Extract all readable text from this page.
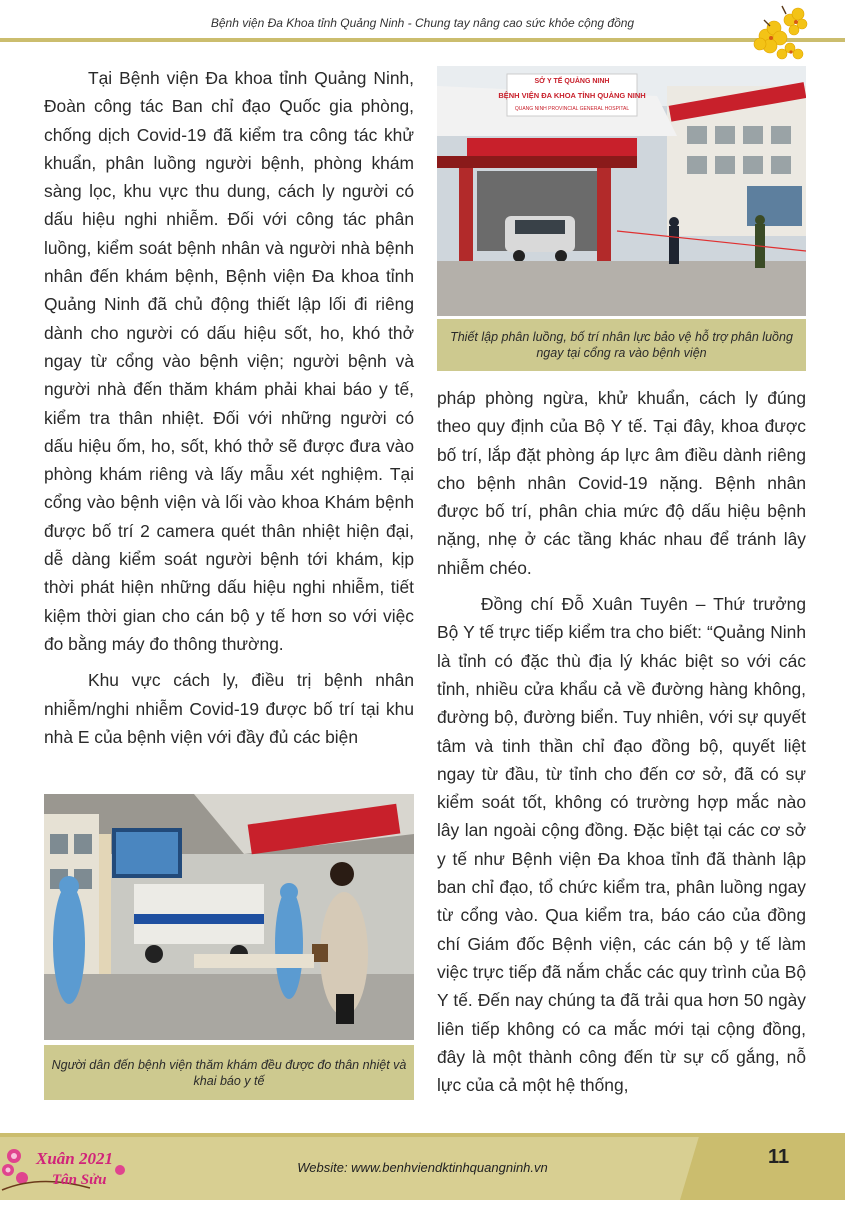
Bệnh viện Đa Khoa tỉnh Quảng Ninh - Chung tay nâng cao sức khỏe cộng đồng

Tại Bệnh viện Đa khoa tỉnh Quảng Ninh, Đoàn công tác Ban chỉ đạo Quốc gia phòng, chống dịch Covid-19 đã kiểm tra công tác khử khuẩn, phân luồng người bệnh, phòng khám sàng lọc, khu vực thu dung, cách ly người có dấu hiệu nghi nhiễm. Đối với công tác phân luồng, kiểm soát bệnh nhân và người nhà bệnh nhân đến khám bệnh, Bệnh viện Đa khoa tỉnh Quảng Ninh đã chủ động thiết lập lối đi riêng dành cho người có dấu hiệu sốt, ho, khó thở ngay từ cổng vào bệnh viện; người bệnh và người nhà đến thăm khám phải khai báo y tế, kiểm tra thân nhiệt. Đối với những người có dấu hiệu ốm, ho, sốt, khó thở sẽ được đưa vào phòng khám riêng và lấy mẫu xét nghiệm. Tại cổng vào bệnh viện và lối vào khoa Khám bệnh được bố trí 2 camera quét thân nhiệt hiện đại, dễ dàng kiểm soát người bệnh tới khám, kịp thời phát hiện những dấu hiệu nghi nhiễm, tiết kiệm thời gian cho cán bộ y tế hơn so với việc đo bằng máy đo thông thường.

Khu vực cách ly, điều trị bệnh nhân nhiễm/nghi nhiễm Covid-19 được bố trí tại khu nhà E của bệnh viện với đầy đủ các biện

SỞ Y TẾ QUẢNG NINH
BỆNH VIỆN ĐA KHOA TỈNH QUẢNG NINH
QUANG NINH PROVINCIAL GENERAL HOSPITAL
Thiết lập phân luồng, bố trí nhân lực bảo vệ hỗ trợ phân luồng ngay tại cổng ra vào bệnh viện

pháp phòng ngừa, khử khuẩn, cách ly đúng theo quy định của Bộ Y tế. Tại đây, khoa được bố trí, lắp đặt phòng áp lực âm điều dành riêng cho bệnh nhân Covid-19 nặng. Bệnh nhân được bố trí, phân chia mức độ dấu hiệu bệnh nặng, nhẹ ở các tầng khác nhau để tránh lây nhiễm chéo.

Đồng chí Đỗ Xuân Tuyên – Thứ trưởng Bộ Y tế trực tiếp kiểm tra cho biết: “Quảng Ninh là tỉnh có đặc thù địa lý khác biệt so với các tỉnh, nhiều cửa khẩu cả về đường hàng không, đường bộ, đường biển. Tuy nhiên, với sự quyết tâm và tinh thần chỉ đạo đồng bộ, quyết liệt ngay từ đầu, từ tỉnh cho đến cơ sở, đã có sự kiểm soát tốt, không có trường hợp mắc nào lây lan ngoài cộng đồng. Đặc biệt tại các cơ sở y tế như Bệnh viện Đa khoa tỉnh đã thành lập ban chỉ đạo, tổ chức kiểm tra, phân luồng ngay từ cổng vào. Qua kiểm tra, báo cáo của đồng chí Giám đốc Bệnh viện, các cán bộ y tế làm việc trực tiếp đã nắm chắc các quy trình của Bộ Y tế. Đến nay chúng ta đã trải qua hơn 50 ngày liên tiếp không có ca mắc mới tại cộng đồng, đây là một thành công đến từ sự cố gắng, nỗ lực của cả một hệ thống,

Người dân đến bệnh viện thăm khám đều được đo thân nhiệt và khai báo y tế
Xuân 2021
Tân Sửu
Website: www.benhviendktinhquangninh.vn	11
